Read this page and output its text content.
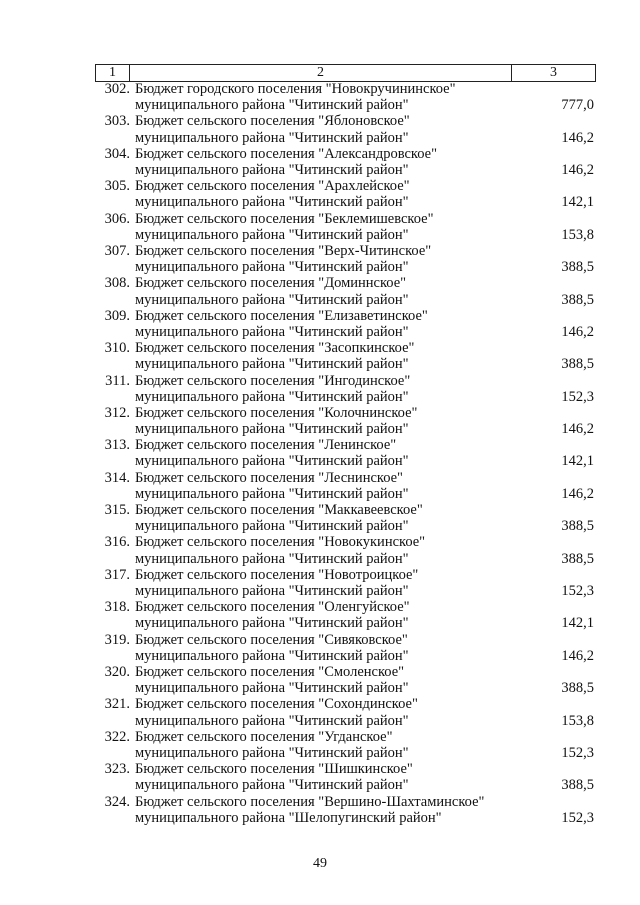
1	2	3
302. Бюджет городского поселения "Новокручининское"
муниципального района "Читинский район"	777,0
303. Бюджет сельского поселения "Яблоновское"
муниципального района "Читинский район"	146,2
304. Бюджет сельского поселения "Александровское"
муниципального района "Читинский район"	146,2
305. Бюджет сельского поселения "Арахлейское"
муниципального района "Читинский район"	142,1
306. Бюджет сельского поселения "Беклемишевское"
муниципального района "Читинский район"	153,8
307. Бюджет сельского поселения "Верх-Читинское"
муниципального района "Читинский район"	388,5
308. Бюджет сельского поселения "Доминнское"
муниципального района "Читинский район"	388,5
309. Бюджет сельского поселения "Елизаветинское"
муниципального района "Читинский район"	146,2
310. Бюджет сельского поселения "Засопкинское"
муниципального района "Читинский район"	388,5
311. Бюджет сельского поселения "Ингодинское"
муниципального района "Читинский район"	152,3
312. Бюджет сельского поселения "Колочнинское"
муниципального района "Читинский район"	146,2
313. Бюджет сельского поселения "Ленинское"
муниципального района "Читинский район"	142,1
314. Бюджет сельского поселения "Леснинское"
муниципального района "Читинский район"	146,2
315. Бюджет сельского поселения "Маккавеевское"
муниципального района "Читинский район"	388,5
316. Бюджет сельского поселения "Новокукинское"
муниципального района "Читинский район"	388,5
317. Бюджет сельского поселения "Новотроицкое"
муниципального района "Читинский район"	152,3
318. Бюджет сельского поселения "Оленгуйское"
муниципального района "Читинский район"	142,1
319. Бюджет сельского поселения "Сивяковское"
муниципального района "Читинский район"	146,2
320. Бюджет сельского поселения "Смоленское"
муниципального района "Читинский район"	388,5
321. Бюджет сельского поселения "Сохондинское"
муниципального района "Читинский район"	153,8
322. Бюджет сельского поселения "Угданское"
муниципального района "Читинский район"	152,3
323. Бюджет сельского поселения "Шишкинское"
муниципального района "Читинский район"	388,5
324. Бюджет сельского поселения "Вершино-Шахтаминское"
муниципального района "Шелопугинский район"	152,3
49
